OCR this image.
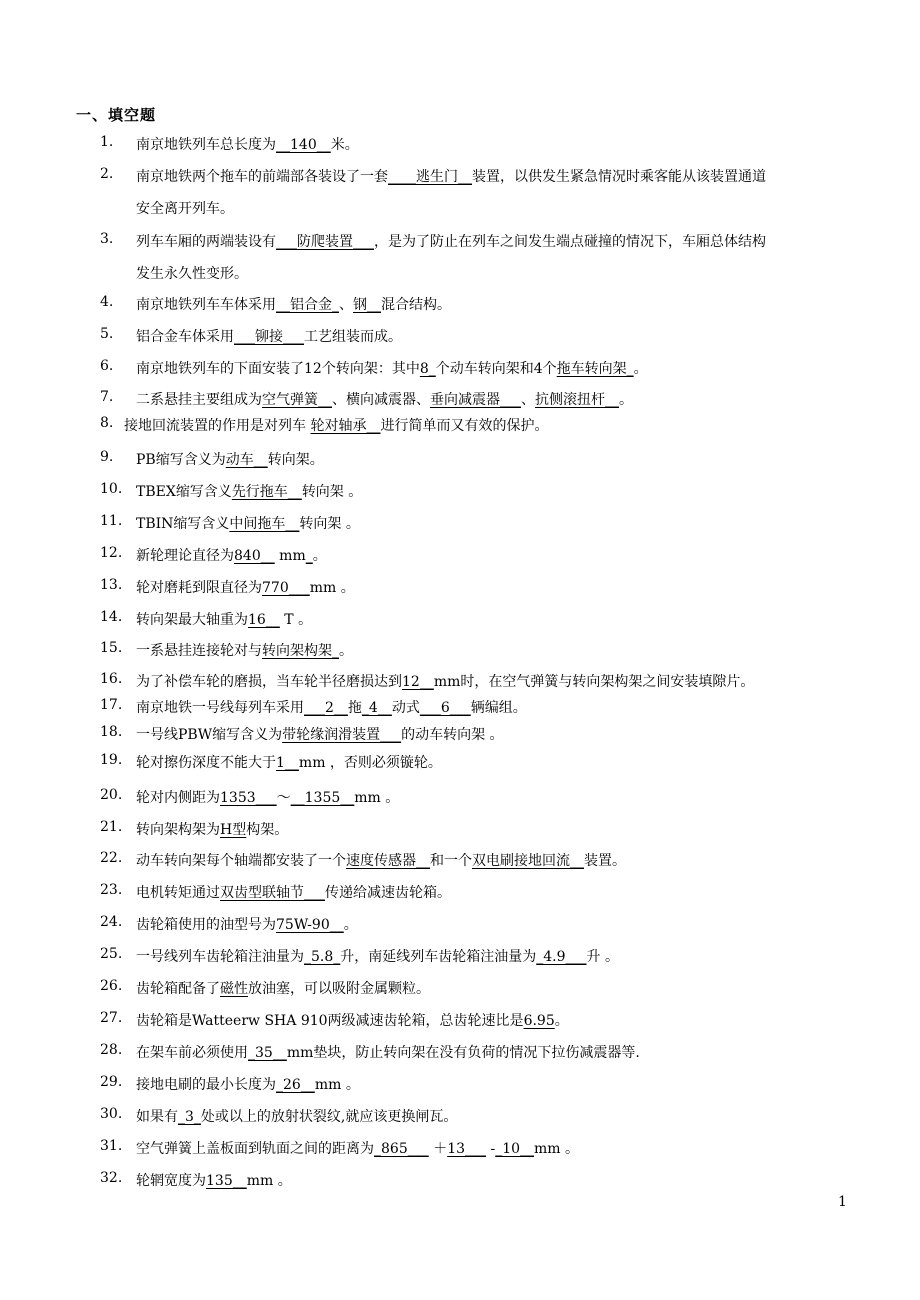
一、填空题
1. 南京地铁列车总长度为__140__米。
2. 南京地铁两个拖车的前端部各装设了一套____逃生门__装置，以供发生紧急情况时乘客能从该装置通道
安全离开列车。
3. 列车车厢的两端装设有___防爬装置___，是为了防止在列车之间发生端点碰撞的情况下，车厢总体结构
发生永久性变形。
4. 南京地铁列车车体采用__铝合金_、钢__混合结构。
5. 铝合金车体采用___铆接___工艺组装而成。
6. 南京地铁列车的下面安装了12个转向架：其中8_个动车转向架和4个拖车转向架_。
7. 二系悬挂主要组成为空气弹簧__、横向减震器、垂向减震器___、抗侧滚扭杆__。
8. 接地回流装置的作用是对列车 轮对轴承__进行简单而又有效的保护。
9. PB缩写含义为动车__转向架。
10. TBEX缩写含义先行拖车__转向架 。
11. TBIN缩写含义中间拖车__转向架 。
12. 新轮理论直径为840__ mm_。
13. 轮对磨耗到限直径为770___mm 。
14. 转向架最大轴重为16__ T 。
15. 一系悬挂连接轮对与转向架构架_。
16. 为了补偿车轮的磨损，当车轮半径磨损达到12__mm时，在空气弹簧与转向架构架之间安装填隙片。
17. 南京地铁一号线每列车采用___2__拖_4__动式___6___辆编组。
18. 一号线PBW缩写含义为带轮缘润滑装置___的动车转向架 。
19. 轮对擦伤深度不能大于1__mm ，否则必须镟轮。
20. 轮对内侧距为1353___～__1355__mm 。
21. 转向架构架为H型构架。
22. 动车转向架每个轴端都安装了一个速度传感器__和一个双电刷接地回流__装置。
23. 电机转矩通过双齿型联轴节___传递给减速齿轮箱。
24. 齿轮箱使用的油型号为75W-90__。
25. 一号线列车齿轮箱注油量为_5.8_升，南延线列车齿轮箱注油量为_4.9___升 。
26. 齿轮箱配备了磁性放油塞，可以吸附金属颗粒。
27. 齿轮箱是Watteerw SHA 910两级减速齿轮箱，总齿轮速比是6.95。
28. 在架车前必须使用_35__mm垫块，防止转向架在没有负荷的情况下拉伤减震器等.
29. 接地电刷的最小长度为_26__mm 。
30. 如果有_3_处或以上的放射状裂纹,就应该更换闸瓦。
31. 空气弹簧上盖板面到轨面之间的距离为_865___ ＋13___ -_10__mm 。
32. 轮辋宽度为135__mm 。
1
